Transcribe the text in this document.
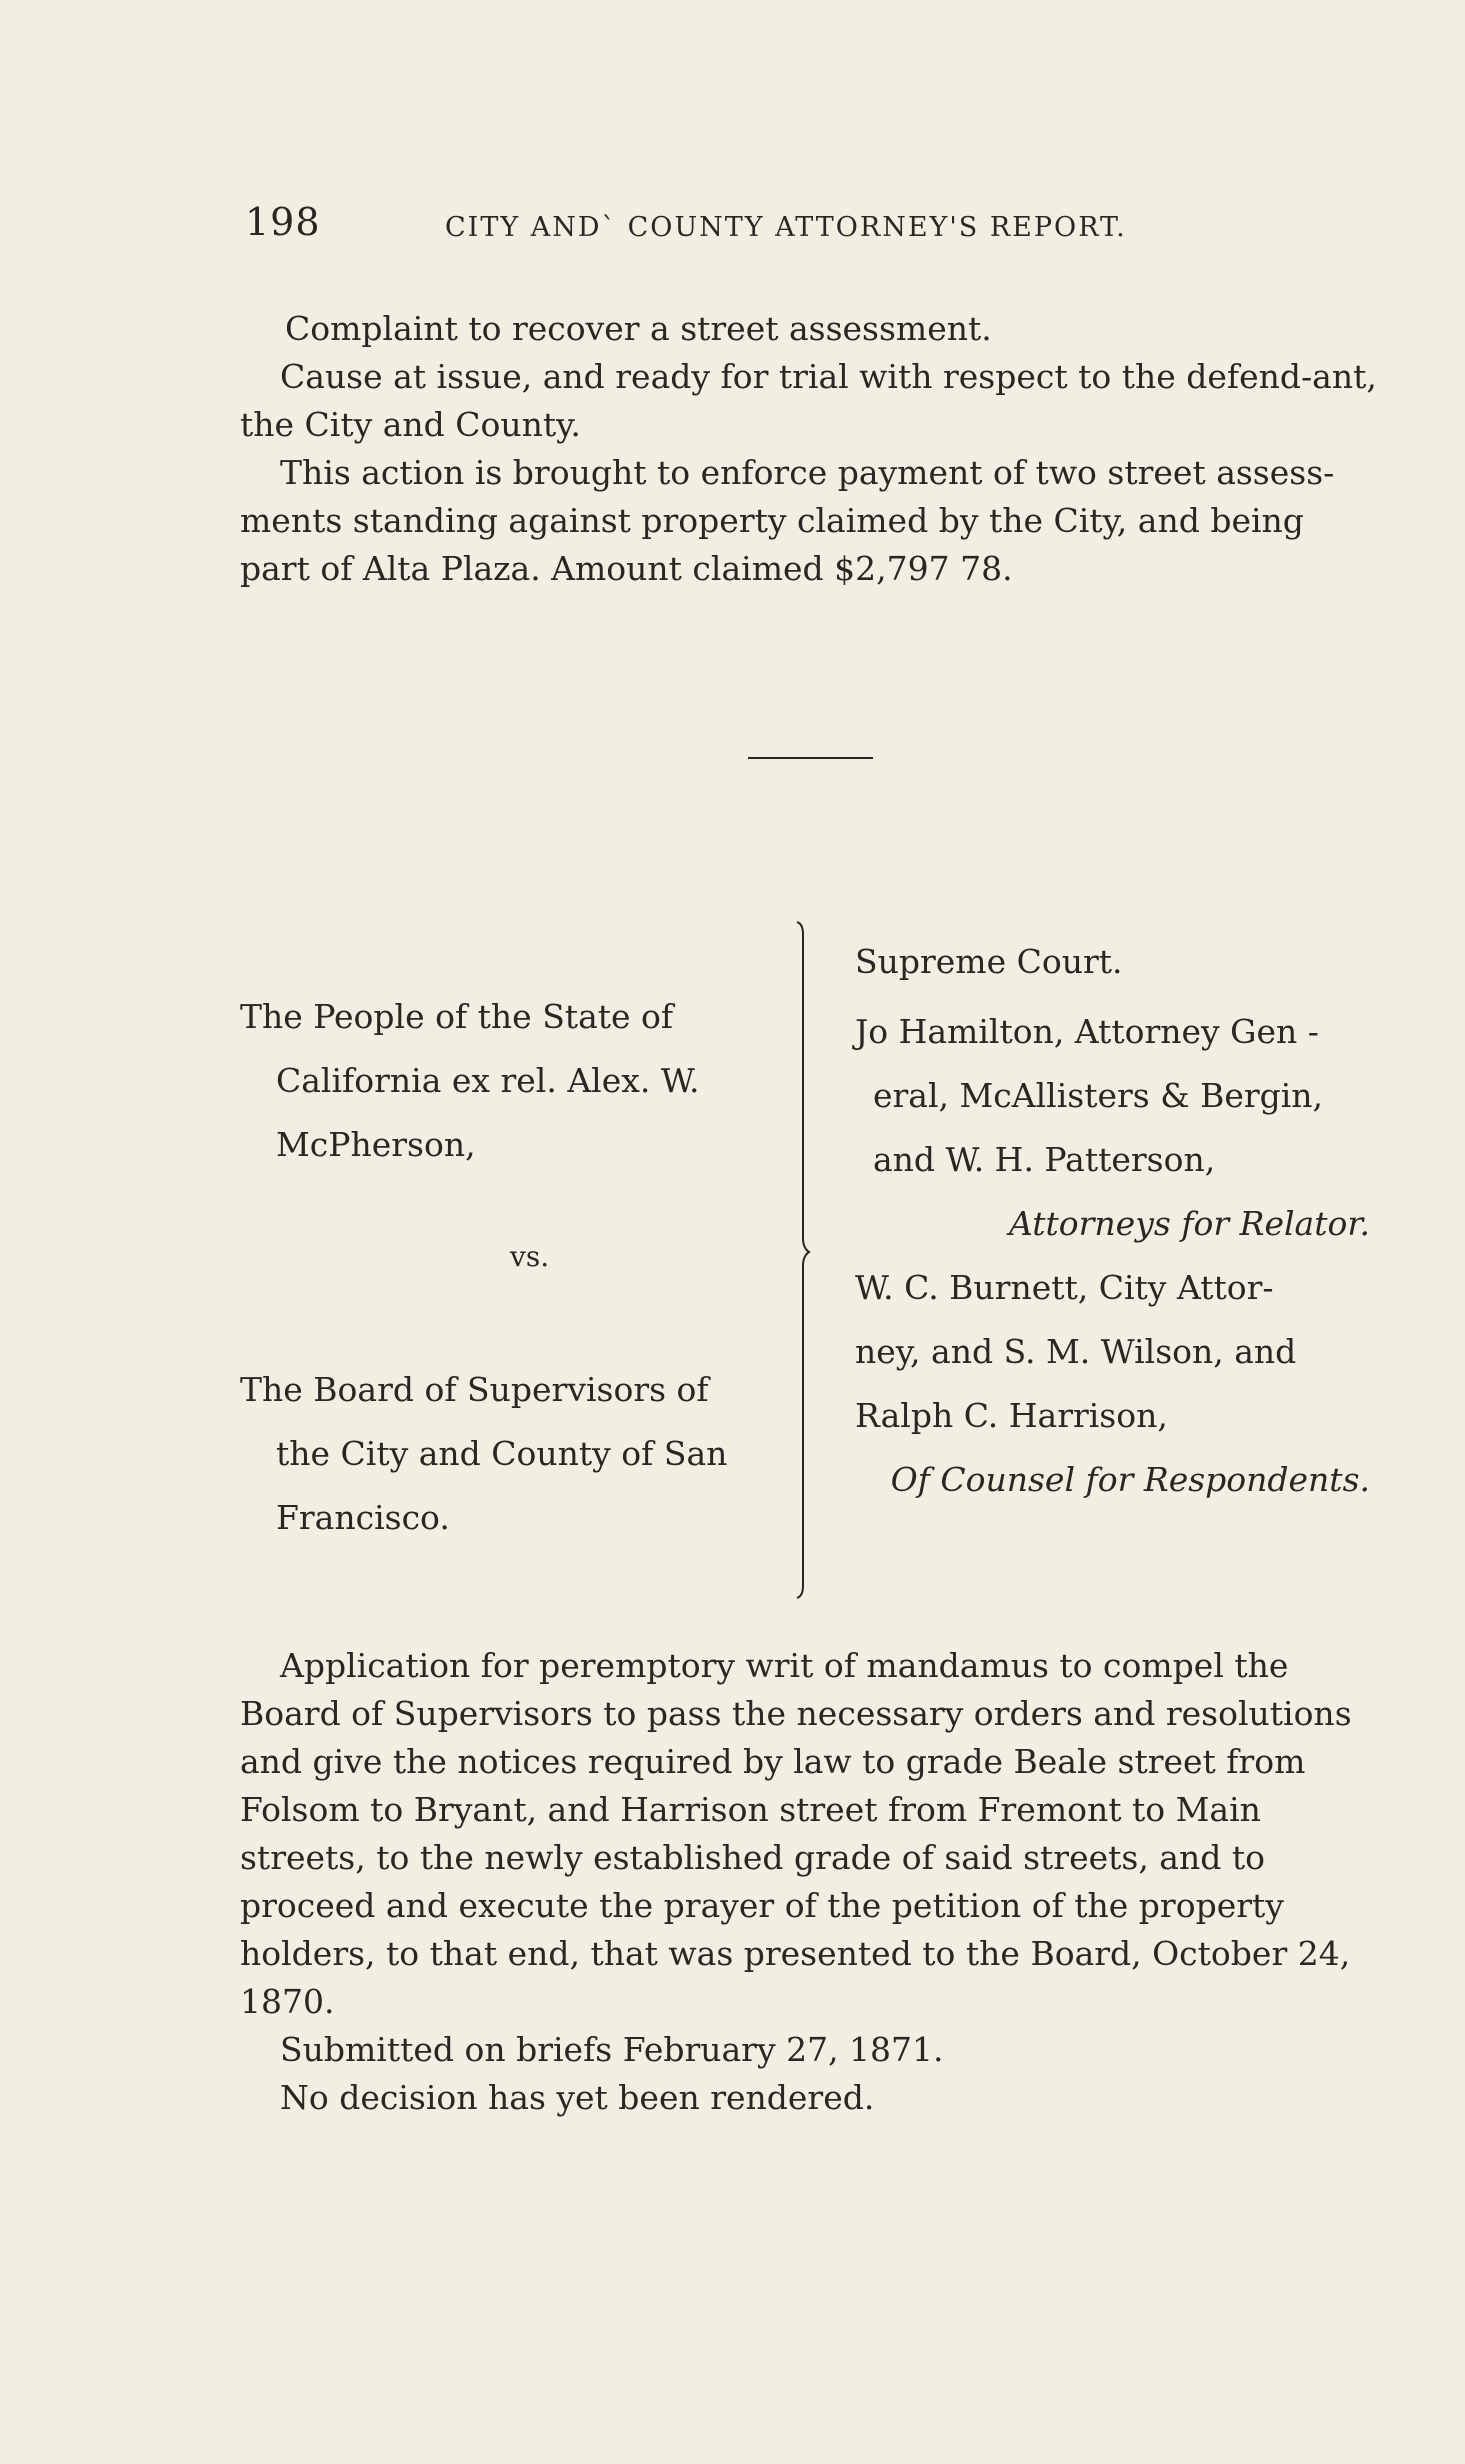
198	CITY AND` COUNTY ATTORNEY'S REPORT.

Complaint to recover a street assessment.

Cause at issue, and ready for trial with respect to the defend-ant, the City and County.

This action is brought to enforce payment of two street assess-ments standing against property claimed by the City, and being part of Alta Plaza. Amount claimed $2,797 78.

The People of the State of
California ex rel. Alex. W.
McPherson,
vs.
The Board of Supervisors of
the City and County of San
Francisco.
Supreme Court.
Jo Hamilton, Attorney Gen -
eral, McAllisters & Bergin,
and W. H. Patterson,
Attorneys for Relator.
W. C. Burnett, City Attor-
ney, and S. M. Wilson, and
Ralph C. Harrison,
Of Counsel for Respondents.

Application for peremptory writ of mandamus to compel the Board of Supervisors to pass the necessary orders and resolutions and give the notices required by law to grade Beale street from Folsom to Bryant, and Harrison street from Fremont to Main streets, to the newly established grade of said streets, and to proceed and execute the prayer of the petition of the property holders, to that end, that was presented to the Board, October 24, 1870.

Submitted on briefs February 27, 1871.

No decision has yet been rendered.
